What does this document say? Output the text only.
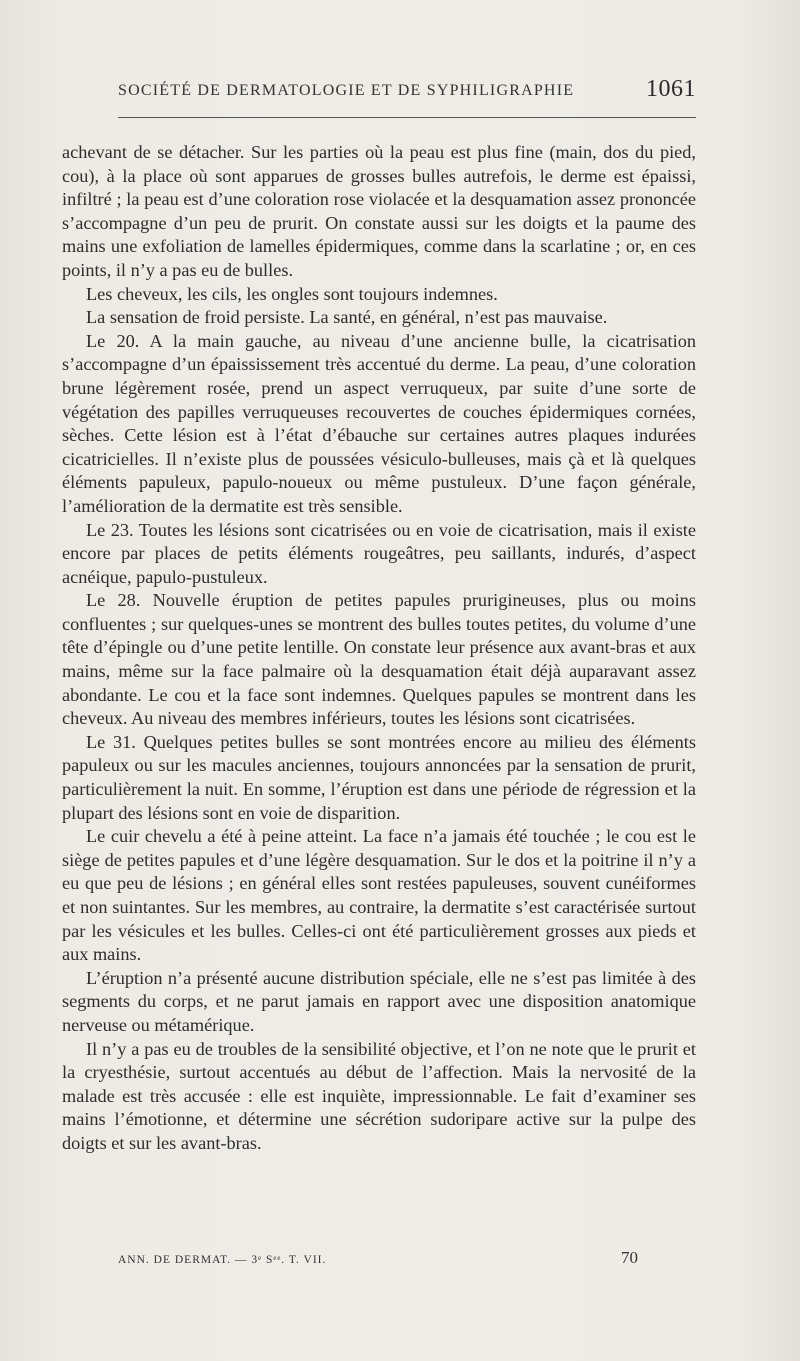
SOCIÉTÉ DE DERMATOLOGIE ET DE SYPHILIGRAPHIE	1061

achevant de se détacher. Sur les parties où la peau est plus fine (main, dos du pied, cou), à la place où sont apparues de grosses bulles autrefois, le derme est épaissi, infiltré ; la peau est d’une coloration rose violacée et la desquamation assez prononcée s’accompagne d’un peu de prurit. On constate aussi sur les doigts et la paume des mains une exfoliation de lamelles épidermiques, comme dans la scarlatine ; or, en ces points, il n’y a pas eu de bulles.

Les cheveux, les cils, les ongles sont toujours indemnes.

La sensation de froid persiste. La santé, en général, n’est pas mauvaise.

Le 20. A la main gauche, au niveau d’une ancienne bulle, la cicatrisation s’accompagne d’un épaississement très accentué du derme. La peau, d’une coloration brune légèrement rosée, prend un aspect verruqueux, par suite d’une sorte de végétation des papilles verruqueuses recouvertes de couches épidermiques cornées, sèches. Cette lésion est à l’état d’ébauche sur certaines autres plaques indurées cicatricielles. Il n’existe plus de poussées vésiculo-bulleuses, mais çà et là quelques éléments papuleux, papulo-noueux ou même pustuleux. D’une façon générale, l’amélioration de la dermatite est très sensible.

Le 23. Toutes les lésions sont cicatrisées ou en voie de cicatrisation, mais il existe encore par places de petits éléments rougeâtres, peu saillants, indurés, d’aspect acnéique, papulo-pustuleux.

Le 28. Nouvelle éruption de petites papules prurigineuses, plus ou moins confluentes ; sur quelques-unes se montrent des bulles toutes petites, du volume d’une tête d’épingle ou d’une petite lentille. On constate leur présence aux avant-bras et aux mains, même sur la face palmaire où la desquamation était déjà auparavant assez abondante. Le cou et la face sont indemnes. Quelques papules se montrent dans les cheveux. Au niveau des membres inférieurs, toutes les lésions sont cicatrisées.

Le 31. Quelques petites bulles se sont montrées encore au milieu des éléments papuleux ou sur les macules anciennes, toujours annoncées par la sensation de prurit, particulièrement la nuit. En somme, l’éruption est dans une période de régression et la plupart des lésions sont en voie de disparition.

Le cuir chevelu a été à peine atteint. La face n’a jamais été touchée ; le cou est le siège de petites papules et d’une légère desquamation. Sur le dos et la poitrine il n’y a eu que peu de lésions ; en général elles sont restées papuleuses, souvent cunéiformes et non suintantes. Sur les membres, au contraire, la dermatite s’est caractérisée surtout par les vésicules et les bulles. Celles-ci ont été particulièrement grosses aux pieds et aux mains.

L’éruption n’a présenté aucune distribution spéciale, elle ne s’est pas limitée à des segments du corps, et ne parut jamais en rapport avec une disposition anatomique nerveuse ou métamérique.

Il n’y a pas eu de troubles de la sensibilité objective, et l’on ne note que le prurit et la cryesthésie, surtout accentués au début de l’affection. Mais la nervosité de la malade est très accusée : elle est inquiète, impressionnable. Le fait d’examiner ses mains l’émotionne, et détermine une sécrétion sudoripare active sur la pulpe des doigts et sur les avant-bras.

ANN. DE DERMAT. — 3ᵉ Sᵉᵉ. T. VII.	70
